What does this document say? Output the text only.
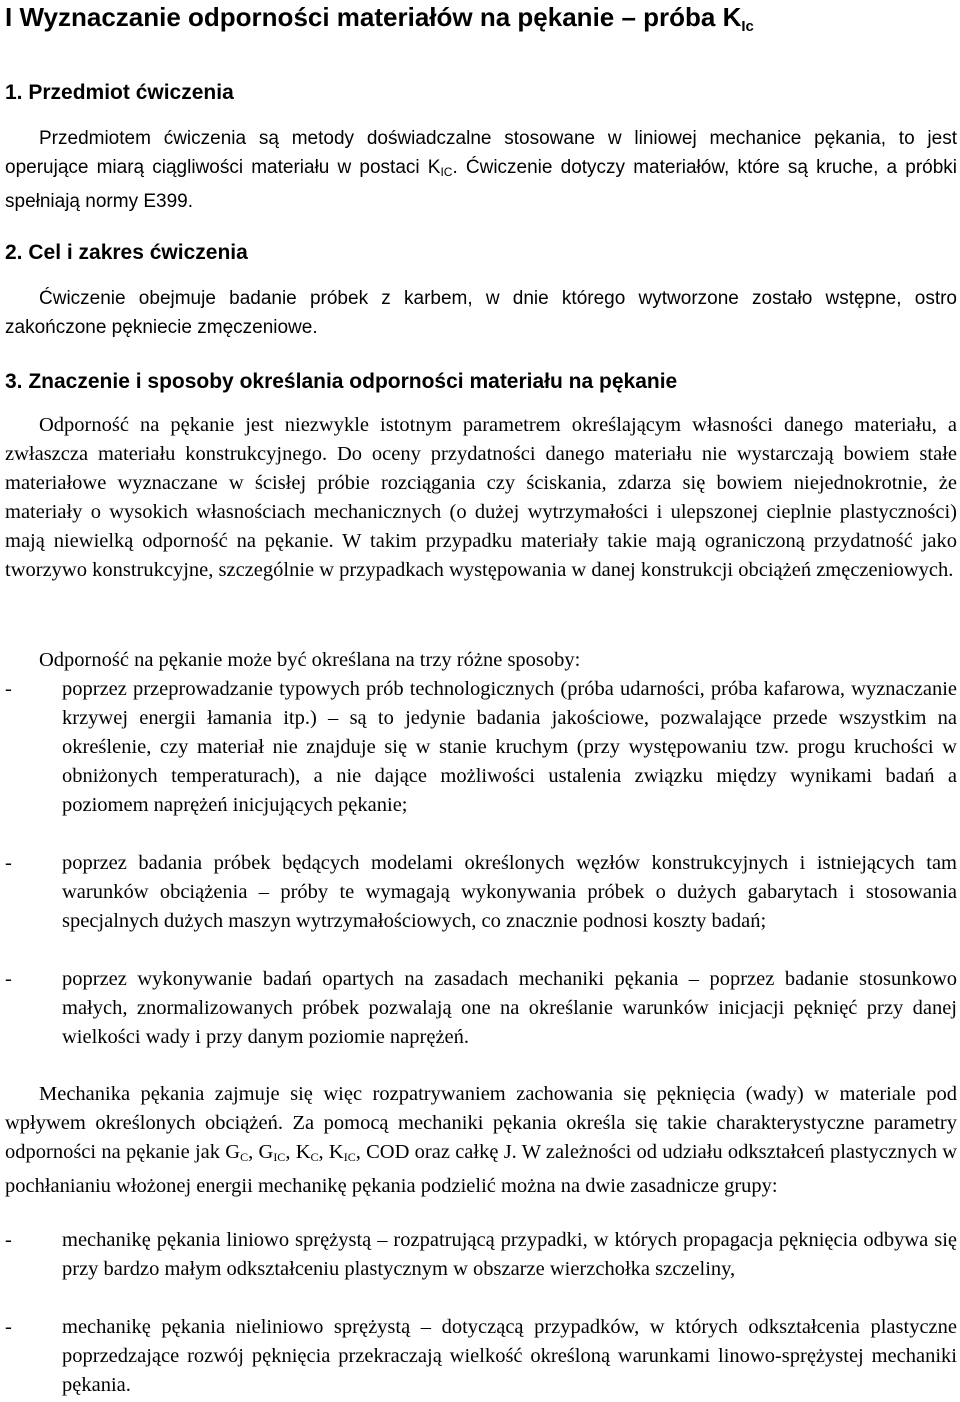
I Wyznaczanie odporności materiałów na pękanie – próba $K_{Ic}$
1. Przedmiot ćwiczenia

Przedmiotem ćwiczenia są metody doświadczalne stosowane w liniowej mechanice pękania, to jest operujące miarą ciągliwości materiału w postaci $K_{IC}$. Ćwiczenie dotyczy materiałów, które są kruche, a próbki spełniają normy E399.

2. Cel i zakres ćwiczenia

Ćwiczenie obejmuje badanie próbek z karbem, w dnie którego wytworzone zostało wstępne, ostro zakończone pękniecie zmęczeniowe.

3. Znaczenie i sposoby określania odporności materiału na pękanie

Odporność na pękanie jest niezwykle istotnym parametrem określającym własności danego materiału, a zwłaszcza materiału konstrukcyjnego. Do oceny przydatności danego materiału nie wystarczają bowiem stałe materiałowe wyznaczane w ścisłej próbie rozciągania czy ściskania, zdarza się bowiem niejednokrotnie, że materiały o wysokich własnościach mechanicznych (o dużej wytrzymałości i ulepszonej cieplnie plastyczności) mają niewielką odporność na pękanie. W takim przypadku materiały takie mają ograniczoną przydatność jako tworzywo konstrukcyjne, szczególnie w przypadkach występowania w danej konstrukcji obciążeń zmęczeniowych.

Odporność na pękanie może być określana na trzy różne sposoby:

- poprzez przeprowadzanie typowych prób technologicznych (próba udarności, próba kafarowa, wyznaczanie krzywej energii łamania itp.) – są to jedynie badania jakościowe, pozwalające przede wszystkim na określenie, czy materiał nie znajduje się w stanie kruchym (przy występowaniu tzw. progu kruchości w obniżonych temperaturach), a nie dające możliwości ustalenia związku między wynikami badań a poziomem naprężeń inicjujących pękanie;
- poprzez badania próbek będących modelami określonych węzłów konstrukcyjnych i istniejących tam warunków obciążenia – próby te wymagają wykonywania próbek o dużych gabarytach i stosowania specjalnych dużych maszyn wytrzymałościowych, co znacznie podnosi koszty badań;
- poprzez wykonywanie badań opartych na zasadach mechaniki pękania – poprzez badanie stosunkowo małych, znormalizowanych próbek pozwalają one na określanie warunków inicjacji pęknięć przy danej wielkości wady i przy danym poziomie naprężeń.

Mechanika pękania zajmuje się więc rozpatrywaniem zachowania się pęknięcia (wady) w materiale pod wpływem określonych obciążeń. Za pomocą mechaniki pękania określa się takie charakterystyczne parametry odporności na pękanie jak $G_C$, $G_{IC}$, $K_C$, $K_{IC}$, COD oraz całkę J. W zależności od udziału odkształceń plastycznych w pochłanianiu włożonej energii mechanikę pękania podzielić można na dwie zasadnicze grupy:

- mechanikę pękania liniowo sprężystą – rozpatrującą przypadki, w których propagacja pęknięcia odbywa się przy bardzo małym odkształceniu plastycznym w obszarze wierzchołka szczeliny,
- mechanikę pękania nieliniowo sprężystą – dotyczącą przypadków, w których odkształcenia plastyczne poprzedzające rozwój pęknięcia przekraczają wielkość określoną warunkami linowo-sprężystej mechaniki pękania.
